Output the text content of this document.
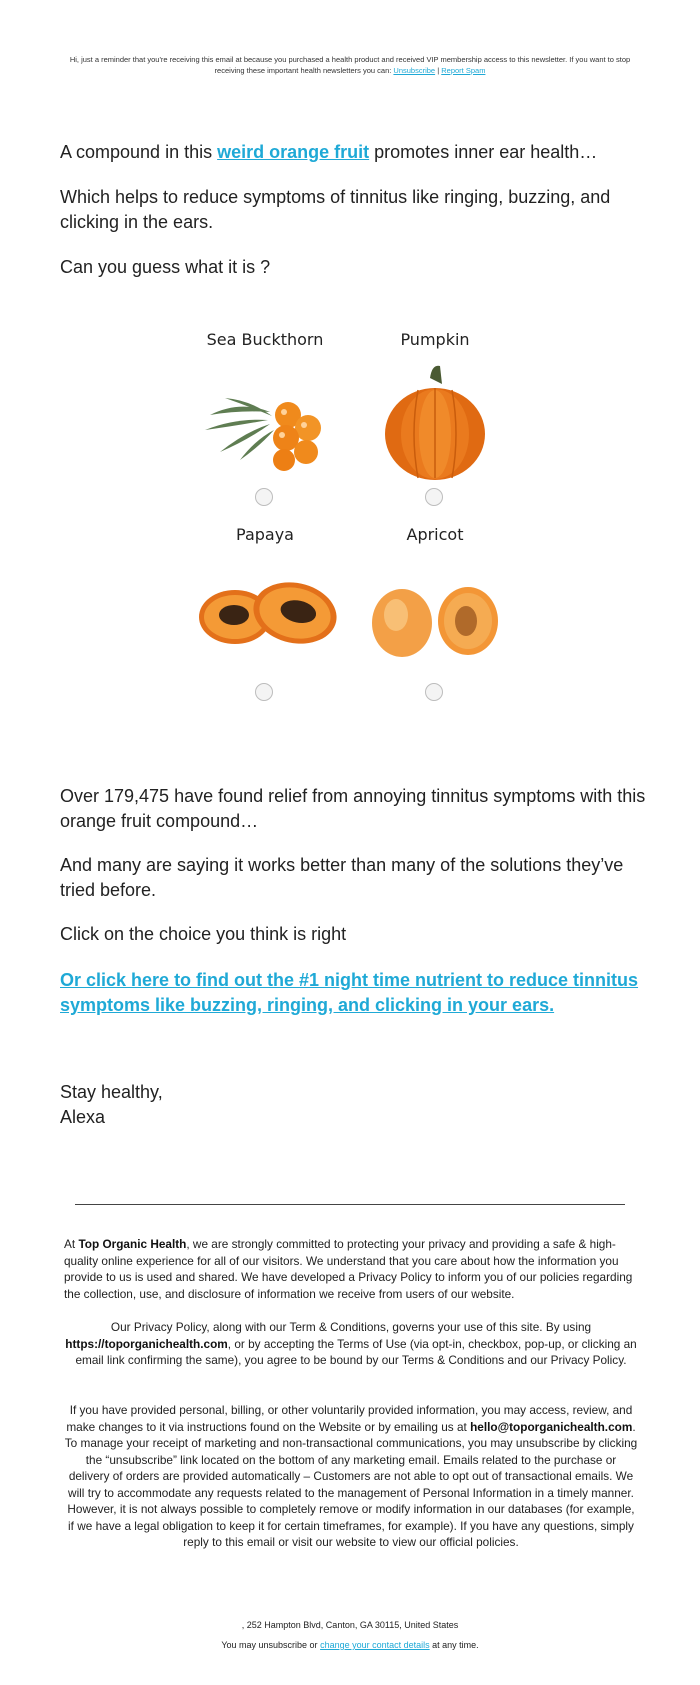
Hi, just a reminder that you're receiving this email at because you purchased a health product and received VIP membership access to this newsletter. If you want to stop receiving these important health newsletters you can: Unsubscribe | Report Spam

A compound in this weird orange fruit promotes inner ear health…

Which helps to reduce symptoms of tinnitus like ringing, buzzing, and clicking in the ears.

Can you guess what it is ?

Sea Buckthorn	Pumpkin
Papaya	Apricot

Over 179,475 have found relief from annoying tinnitus symptoms with this orange fruit compound…

And many are saying it works better than many of the solutions they’ve tried before.

Click on the choice you think is right

Or click here to find out the #1 night time nutrient to reduce tinnitus symptoms like buzzing, ringing, and clicking in your ears.
Stay healthy,
Alexa

At Top Organic Health, we are strongly committed to protecting your privacy and providing a safe & high-quality online experience for all of our visitors. We understand that you care about how the information you provide to us is used and shared. We have developed a Privacy Policy to inform you of our policies regarding the collection, use, and disclosure of information we receive from users of our website.

Our Privacy Policy, along with our Term & Conditions, governs your use of this site. By using https://toporganichealth.com, or by accepting the Terms of Use (via opt-in, checkbox, pop-up, or clicking an email link confirming the same), you agree to be bound by our Terms & Conditions and our Privacy Policy.

If you have provided personal, billing, or other voluntarily provided information, you may access, review, and make changes to it via instructions found on the Website or by emailing us at hello@toporganichealth.com. To manage your receipt of marketing and non-transactional communications, you may unsubscribe by clicking the “unsubscribe” link located on the bottom of any marketing email. Emails related to the purchase or delivery of orders are provided automatically – Customers are not able to opt out of transactional emails. We will try to accommodate any requests related to the management of Personal Information in a timely manner. However, it is not always possible to completely remove or modify information in our databases (for example, if we have a legal obligation to keep it for certain timeframes, for example). If you have any questions, simply reply to this email or visit our website to view our official policies.

, 252 Hampton Blvd, Canton, GA 30115, United States
You may unsubscribe or change your contact details at any time.
